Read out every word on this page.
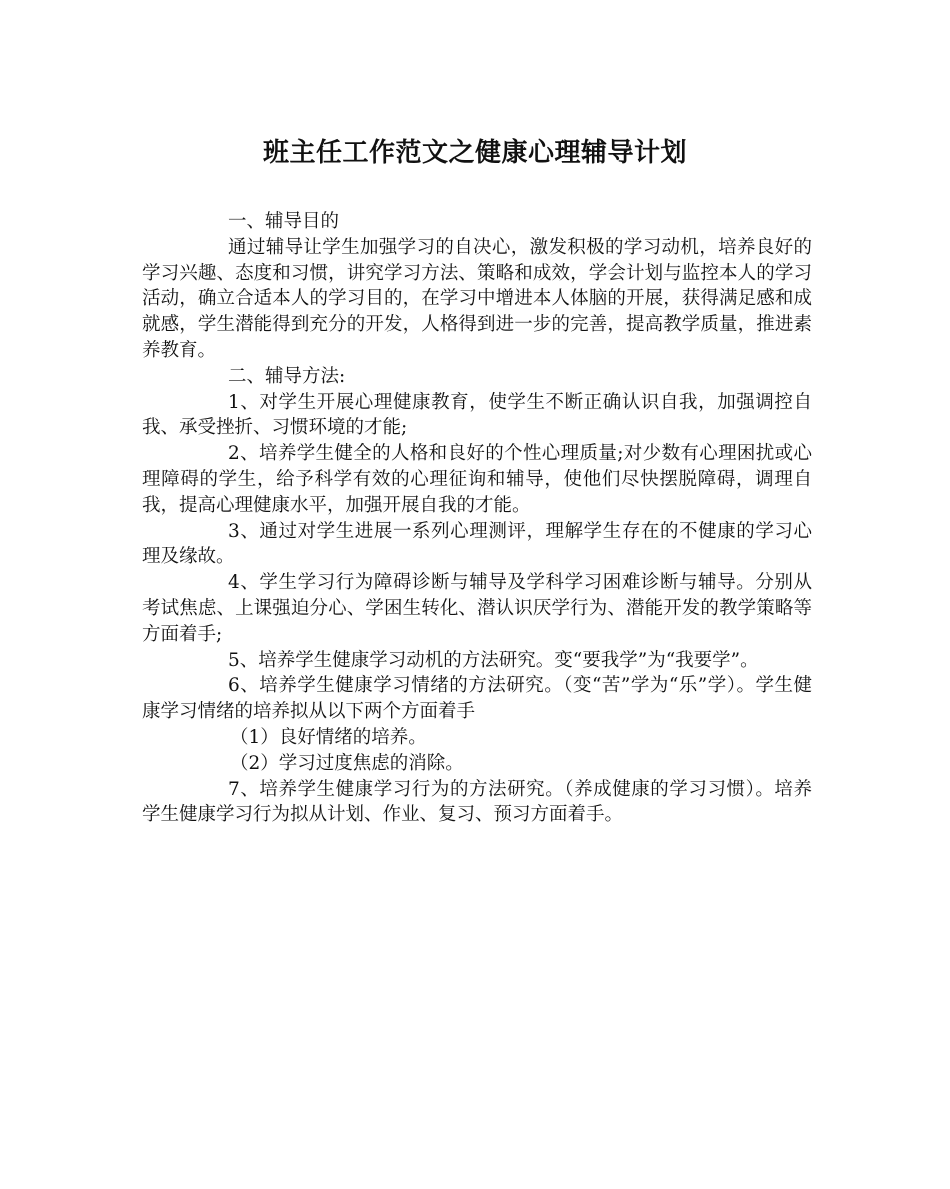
班主任工作范文之健康心理辅导计划

一、辅导目的

通过辅导让学生加强学习的自决心，激发积极的学习动机，培养良好的学习兴趣、态度和习惯，讲究学习方法、策略和成效，学会计划与监控本人的学习活动，确立合适本人的学习目的，在学习中增进本人体脑的开展，获得满足感和成就感，学生潜能得到充分的开发，人格得到进一步的完善，提高教学质量，推进素养教育。

二、辅导方法:

1、对学生开展心理健康教育，使学生不断正确认识自我，加强调控自我、承受挫折、习惯环境的才能;

2、培养学生健全的人格和良好的个性心理质量;对少数有心理困扰或心理障碍的学生，给予科学有效的心理征询和辅导，使他们尽快摆脱障碍，调理自我，提高心理健康水平，加强开展自我的才能。

3、通过对学生进展一系列心理测评，理解学生存在的不健康的学习心理及缘故。

4、学生学习行为障碍诊断与辅导及学科学习困难诊断与辅导。分别从考试焦虑、上课强迫分心、学困生转化、潜认识厌学行为、潜能开发的教学策略等方面着手;

5、培养学生健康学习动机的方法研究。变“要我学”为“我要学”。

6、培养学生健康学习情绪的方法研究。（变“苦”学为“乐”学）。学生健康学习情绪的培养拟从以下两个方面着手

（1）良好情绪的培养。

（2）学习过度焦虑的消除。

7、培养学生健康学习行为的方法研究。（养成健康的学习习惯）。培养学生健康学习行为拟从计划、作业、复习、预习方面着手。
